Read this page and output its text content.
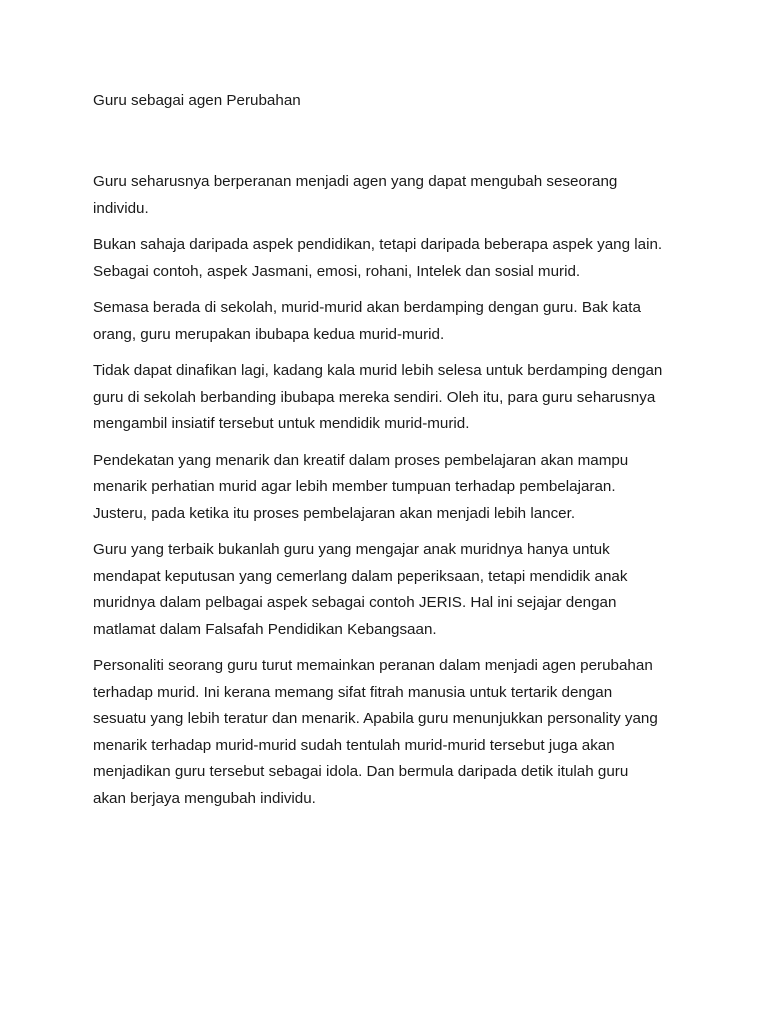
Guru sebagai agen Perubahan

Guru seharusnya berperanan menjadi agen yang dapat mengubah seseorang
individu.

Bukan sahaja daripada aspek pendidikan, tetapi daripada beberapa aspek yang lain.
Sebagai contoh, aspek Jasmani, emosi, rohani, Intelek dan sosial murid.

Semasa berada di sekolah, murid-murid akan berdamping dengan guru. Bak kata
orang, guru merupakan ibubapa kedua murid-murid.

Tidak dapat dinafikan lagi, kadang kala murid lebih selesa untuk berdamping dengan
guru di sekolah berbanding ibubapa mereka sendiri. Oleh itu, para guru seharusnya
mengambil insiatif tersebut untuk mendidik murid-murid.

Pendekatan yang menarik dan kreatif dalam proses pembelajaran akan mampu
menarik perhatian murid agar lebih member tumpuan terhadap pembelajaran.
Justeru, pada ketika itu proses pembelajaran akan menjadi lebih lancer.

Guru yang terbaik bukanlah guru yang mengajar anak muridnya hanya untuk
mendapat keputusan yang cemerlang dalam peperiksaan, tetapi mendidik anak
muridnya dalam pelbagai aspek sebagai contoh JERIS. Hal ini sejajar dengan
matlamat dalam Falsafah Pendidikan Kebangsaan.

Personaliti seorang guru turut memainkan peranan dalam menjadi agen perubahan
terhadap murid. Ini kerana memang sifat fitrah manusia untuk tertarik dengan
sesuatu yang lebih teratur dan menarik. Apabila guru menunjukkan personality yang
menarik terhadap murid-murid sudah tentulah murid-murid tersebut juga akan
menjadikan guru tersebut sebagai idola. Dan bermula daripada detik itulah guru
akan berjaya mengubah individu.
